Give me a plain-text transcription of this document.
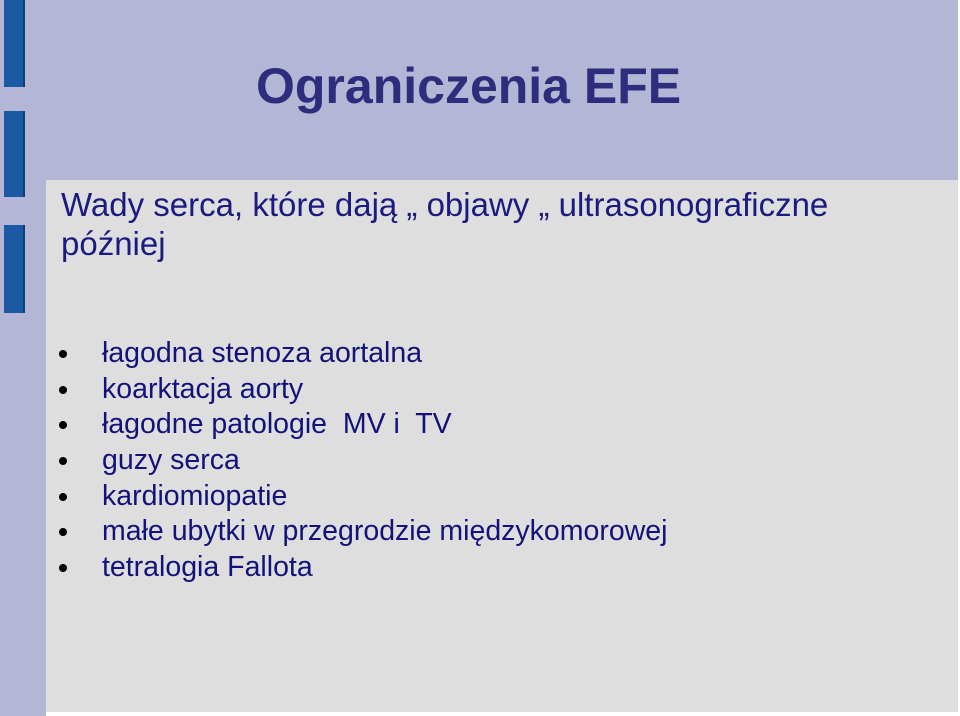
Ograniczenia EFE

Wady serca, które dają „ objawy „ ultrasonograficzne później

łagodna stenoza aortalna
koarktacja aorty
łagodne patologie  MV i  TV
guzy serca
kardiomiopatie
małe ubytki w przegrodzie międzykomorowej
tetralogia Fallota
